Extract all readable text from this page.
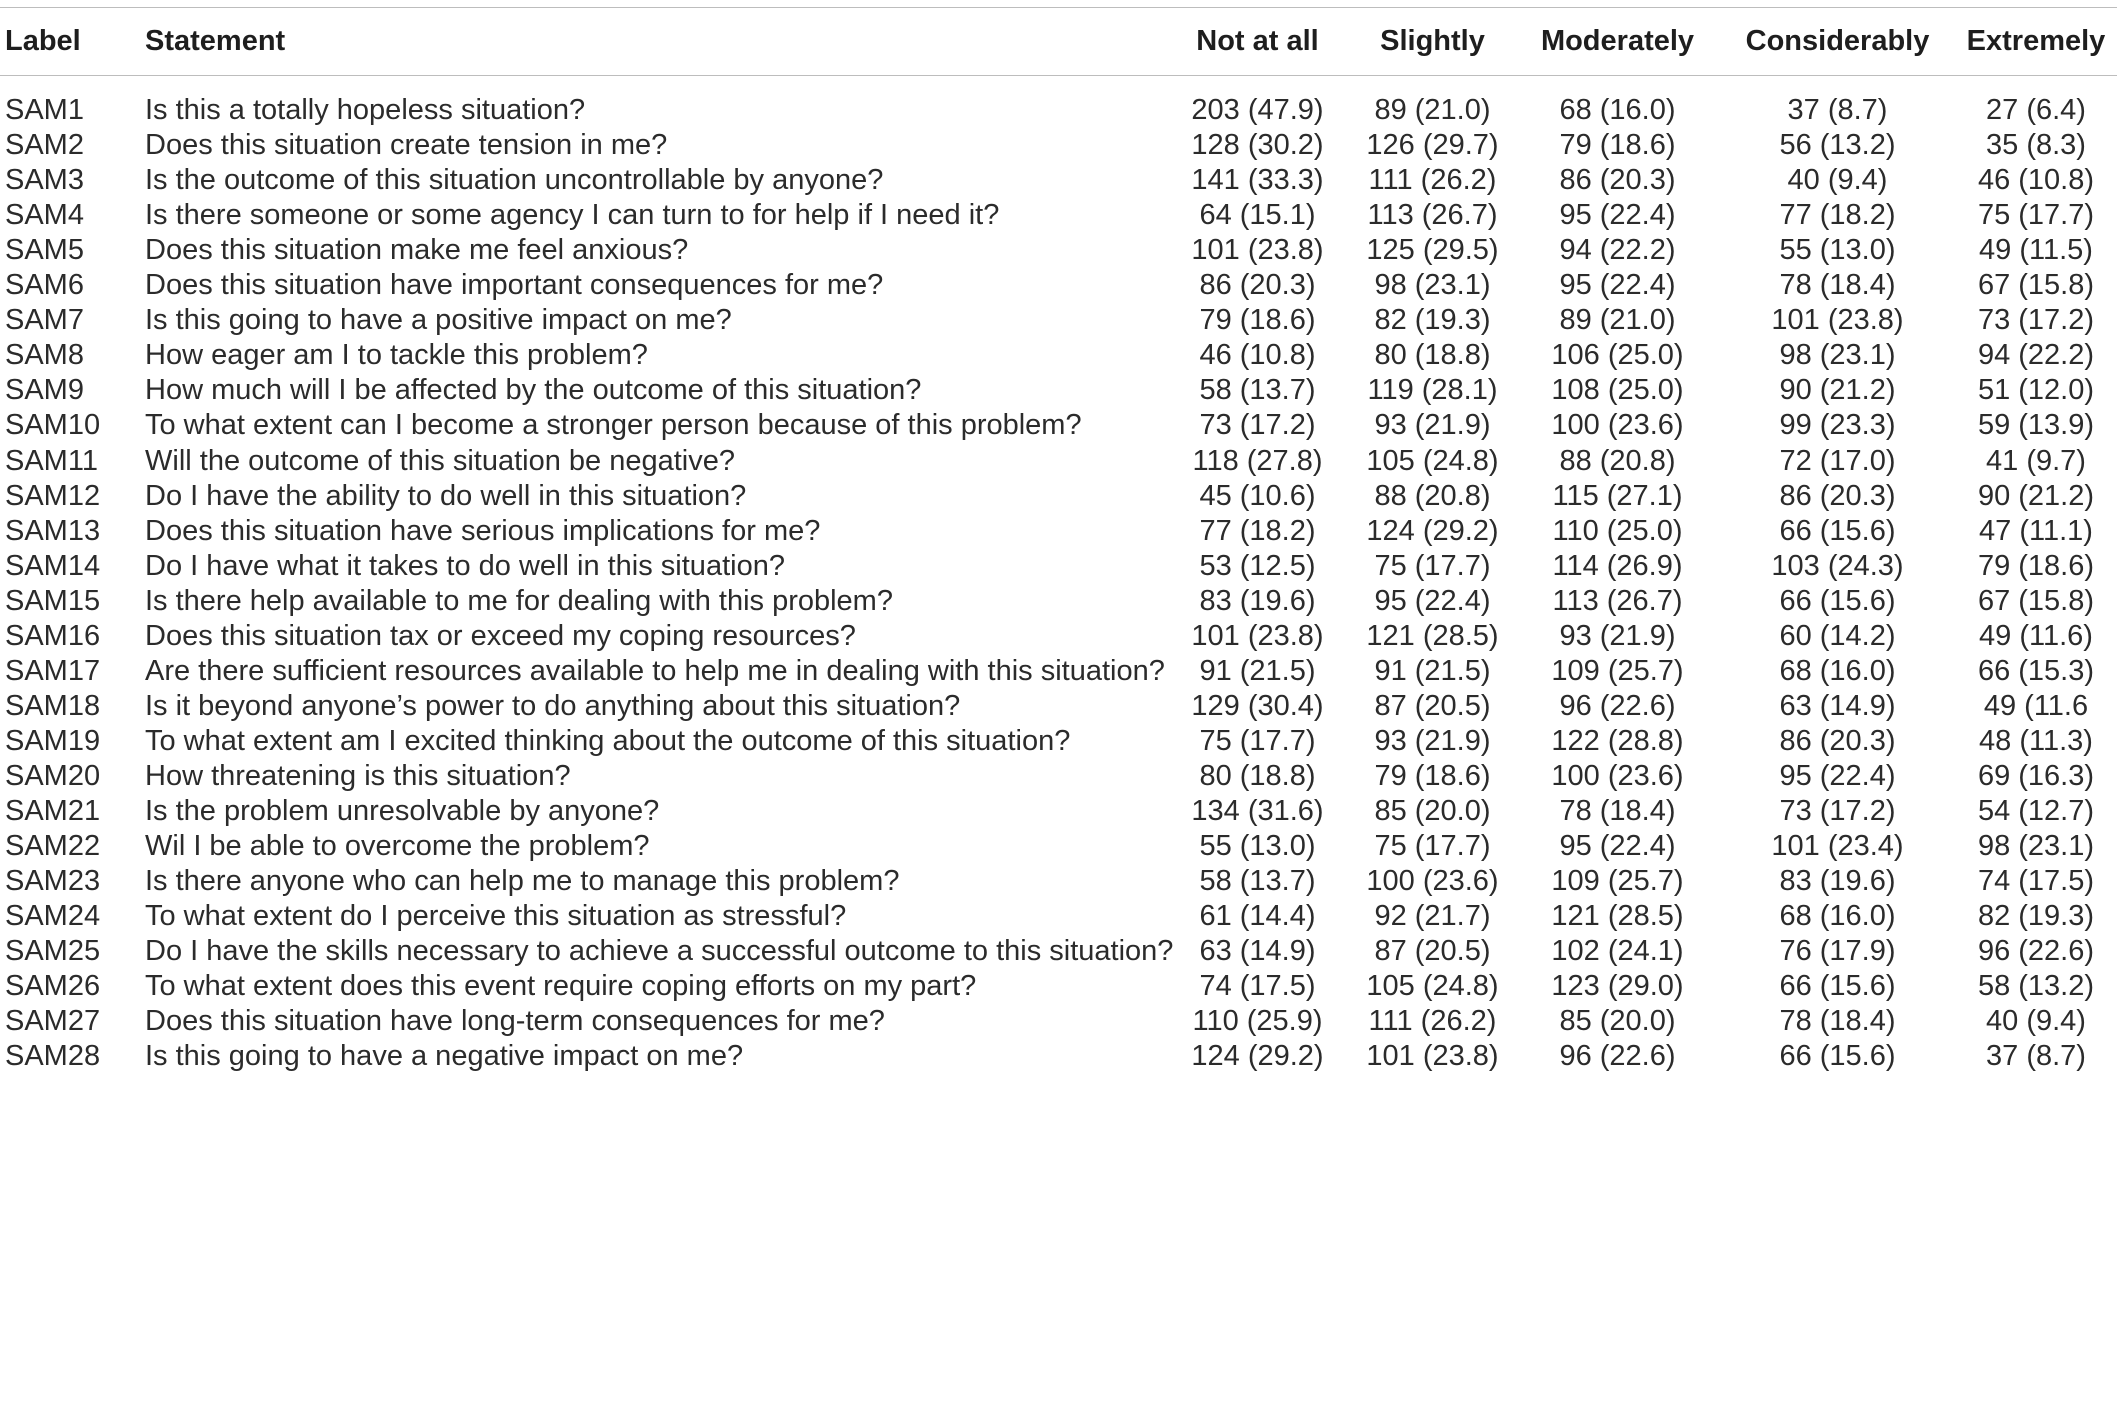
Label	Statement	Not at all	Slightly	Moderately	Considerably	Extremely
SAM1	Is this a totally hopeless situation?	203 (47.9)	89 (21.0)	68 (16.0)	37 (8.7)	27 (6.4)
SAM2	Does this situation create tension in me?	128 (30.2)	126 (29.7)	79 (18.6)	56 (13.2)	35 (8.3)
SAM3	Is the outcome of this situation uncontrollable by anyone?	141 (33.3)	111 (26.2)	86 (20.3)	40 (9.4)	46 (10.8)
SAM4	Is there someone or some agency I can turn to for help if I need it?	64 (15.1)	113 (26.7)	95 (22.4)	77 (18.2)	75 (17.7)
SAM5	Does this situation make me feel anxious?	101 (23.8)	125 (29.5)	94 (22.2)	55 (13.0)	49 (11.5)
SAM6	Does this situation have important consequences for me?	86 (20.3)	98 (23.1)	95 (22.4)	78 (18.4)	67 (15.8)
SAM7	Is this going to have a positive impact on me?	79 (18.6)	82 (19.3)	89 (21.0)	101 (23.8)	73 (17.2)
SAM8	How eager am I to tackle this problem?	46 (10.8)	80 (18.8)	106 (25.0)	98 (23.1)	94 (22.2)
SAM9	How much will I be affected by the outcome of this situation?	58 (13.7)	119 (28.1)	108 (25.0)	90 (21.2)	51 (12.0)
SAM10	To what extent can I become a stronger person because of this problem?	73 (17.2)	93 (21.9)	100 (23.6)	99 (23.3)	59 (13.9)
SAM11	Will the outcome of this situation be negative?	118 (27.8)	105 (24.8)	88 (20.8)	72 (17.0)	41 (9.7)
SAM12	Do I have the ability to do well in this situation?	45 (10.6)	88 (20.8)	115 (27.1)	86 (20.3)	90 (21.2)
SAM13	Does this situation have serious implications for me?	77 (18.2)	124 (29.2)	110 (25.0)	66 (15.6)	47 (11.1)
SAM14	Do I have what it takes to do well in this situation?	53 (12.5)	75 (17.7)	114 (26.9)	103 (24.3)	79 (18.6)
SAM15	Is there help available to me for dealing with this problem?	83 (19.6)	95 (22.4)	113 (26.7)	66 (15.6)	67 (15.8)
SAM16	Does this situation tax or exceed my coping resources?	101 (23.8)	121 (28.5)	93 (21.9)	60 (14.2)	49 (11.6)
SAM17	Are there sufficient resources available to help me in dealing with this situation?	91 (21.5)	91 (21.5)	109 (25.7)	68 (16.0)	66 (15.3)
SAM18	Is it beyond anyone’s power to do anything about this situation?	129 (30.4)	87 (20.5)	96 (22.6)	63 (14.9)	49 (11.6
SAM19	To what extent am I excited thinking about the outcome of this situation?	75 (17.7)	93 (21.9)	122 (28.8)	86 (20.3)	48 (11.3)
SAM20	How threatening is this situation?	80 (18.8)	79 (18.6)	100 (23.6)	95 (22.4)	69 (16.3)
SAM21	Is the problem unresolvable by anyone?	134 (31.6)	85 (20.0)	78 (18.4)	73 (17.2)	54 (12.7)
SAM22	Wil I be able to overcome the problem?	55 (13.0)	75 (17.7)	95 (22.4)	101 (23.4)	98 (23.1)
SAM23	Is there anyone who can help me to manage this problem?	58 (13.7)	100 (23.6)	109 (25.7)	83 (19.6)	74 (17.5)
SAM24	To what extent do I perceive this situation as stressful?	61 (14.4)	92 (21.7)	121 (28.5)	68 (16.0)	82 (19.3)
SAM25	Do I have the skills necessary to achieve a successful outcome to this situation? 63 (14.9)	87 (20.5)	102 (24.1)	76 (17.9)	96 (22.6)
SAM26	To what extent does this event require coping efforts on my part?	74 (17.5)	105 (24.8)	123 (29.0)	66 (15.6)	58 (13.2)
SAM27	Does this situation have long-term consequences for me?	110 (25.9)	111 (26.2)	85 (20.0)	78 (18.4)	40 (9.4)
SAM28	Is this going to have a negative impact on me?	124 (29.2)	101 (23.8)	96 (22.6)	66 (15.6)	37 (8.7)
